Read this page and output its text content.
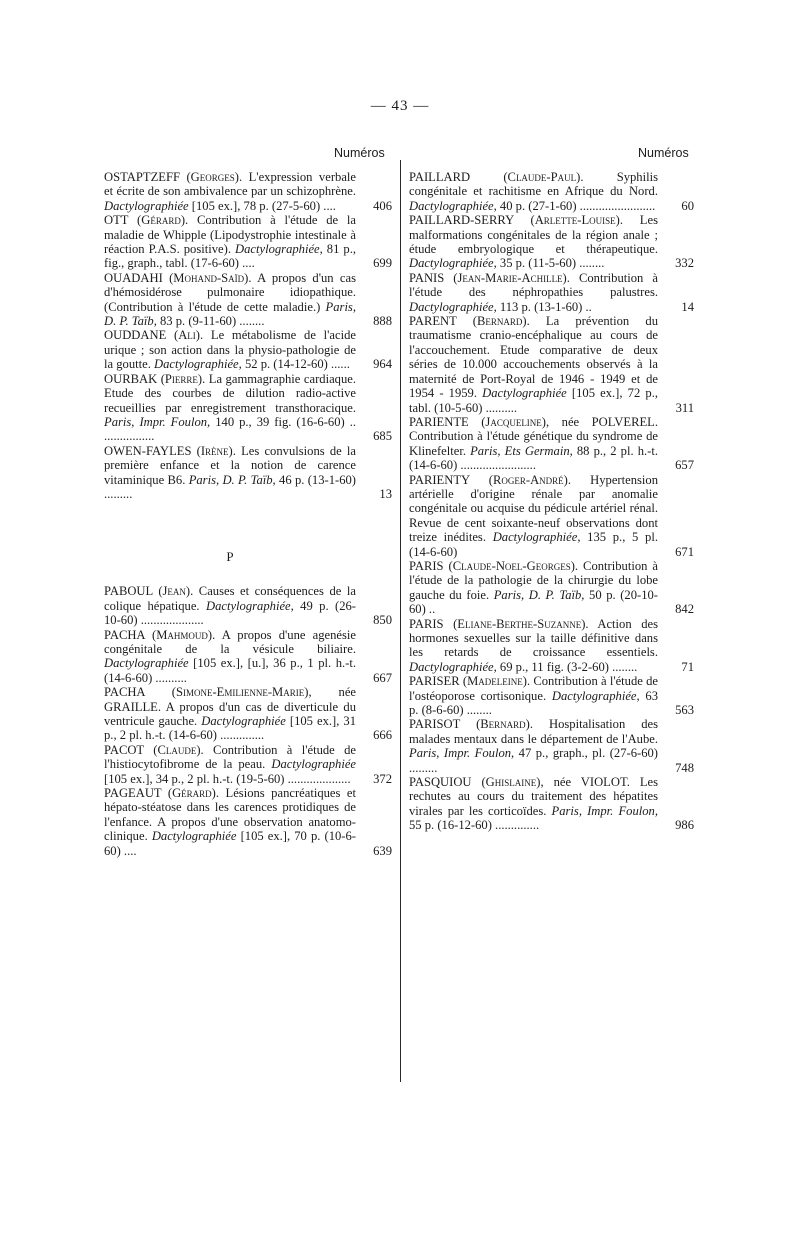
— 43 —
Numéros	Numéros

OSTAPTZEFF (Georges). L'expression verbale et écrite de son ambivalence par un schizophrène. Dactylographiée [105 ex.], 78 p. (27-5-60) ....	406

OTT (Gérard). Contribution à l'étude de la maladie de Whipple (Lipodystrophie intestinale à réaction P.A.S. positive). Dactylographiée, 81 p., fig., graph., tabl. (17-6-60) ....	699

OUADAHI (Mohand-Saïd). A propos d'un cas d'hémosidérose pulmonaire idiopathique. (Contribution à l'étude de cette maladie.) Paris, D. P. Taïb, 83 p. (9-11-60) ........	888

OUDDANE (Ali). Le métabolisme de l'acide urique ; son action dans la physio-pathologie de la goutte. Dactylographiée, 52 p. (14-12-60) ......	964

OURBAK (Pierre). La gammagraphie cardiaque. Etude des courbes de dilution radio-active recueillies par enregistrement transthoracique. Paris, Impr. Foulon, 140 p., 39 fig. (16-6-60) .. ................	685

OWEN-FAYLES (Irène). Les convulsions de la première enfance et la notion de carence vitaminique B6. Paris, D. P. Taïb, 46 p. (13-1-60) .........	13

P

PABOUL (Jean). Causes et conséquences de la colique hépatique. Dactylographiée, 49 p. (26-10-60) ....................	850

PACHA (Mahmoud). A propos d'une agenésie congénitale de la vésicule biliaire. Dactylographiée [105 ex.], [u.], 36 p., 1 pl. h.-t. (14-6-60) ..........	667

PACHA (Simone-Emilienne-Marie), née GRAILLE. A propos d'un cas de diverticule du ventricule gauche. Dactylographiée [105 ex.], 31 p., 2 pl. h.-t. (14-6-60) ..............	666

PACOT (Claude). Contribution à l'étude de l'histiocytofibrome de la peau. Dactylographiée [105 ex.], 34 p., 2 pl. h.-t. (19-5-60) ....................	372

PAGEAUT (Gérard). Lésions pancréatiques et hépato-stéatose dans les carences protidiques de l'enfance. A propos d'une observation anatomo-clinique. Dactylographiée [105 ex.], 70 p. (10-6-60) ....	639

PAILLARD (Claude-Paul). Syphilis congénitale et rachitisme en Afrique du Nord. Dactylographiée, 40 p. (27-1-60) ........................	60

PAILLARD-SERRY (Arlette-Louise). Les malformations congénitales de la région anale ; étude embryologique et thérapeutique. Dactylographiée, 35 p. (11-5-60) ........	332

PANIS (Jean-Marie-Achille). Contribution à l'étude des néphropathies palustres. Dactylographiée, 113 p. (13-1-60) ..	14

PARENT (Bernard). La prévention du traumatisme cranio-encéphalique au cours de l'accouchement. Etude comparative de deux séries de 10.000 accouchements observés à la maternité de Port-Royal de 1946 - 1949 et de 1954 - 1959. Dactylographiée [105 ex.], 72 p., tabl. (10-5-60) ..........	311

PARIENTE (Jacqueline), née POLVEREL. Contribution à l'étude génétique du syndrome de Klinefelter. Paris, Ets Germain, 88 p., 2 pl. h.-t. (14-6-60) ........................	657

PARIENTY (Roger-André). Hypertension artérielle d'origine rénale par anomalie congénitale ou acquise du pédicule artériel rénal. Revue de cent soixante-neuf observations dont treize inédites. Dactylographiée, 135 p., 5 pl. (14-6-60)	671

PARIS (Claude-Noel-Georges). Contribution à l'étude de la pathologie de la chirurgie du lobe gauche du foie. Paris, D. P. Taïb, 50 p. (20-10-60) ..	842

PARIS (Eliane-Berthe-Suzanne). Action des hormones sexuelles sur la taille définitive dans les retards de croissance essentiels. Dactylographiée, 69 p., 11 fig. (3-2-60) ........	71

PARISER (Madeleine). Contribution à l'étude de l'ostéoporose cortisonique. Dactylographiée, 63 p. (8-6-60) ........	563

PARISOT (Bernard). Hospitalisation des malades mentaux dans le département de l'Aube. Paris, Impr. Foulon, 47 p., graph., pl. (27-6-60) .........	748

PASQUIOU (Ghislaine), née VIOLOT. Les rechutes au cours du traitement des hépatites virales par les corticoïdes. Paris, Impr. Foulon, 55 p. (16-12-60) ..............	986
